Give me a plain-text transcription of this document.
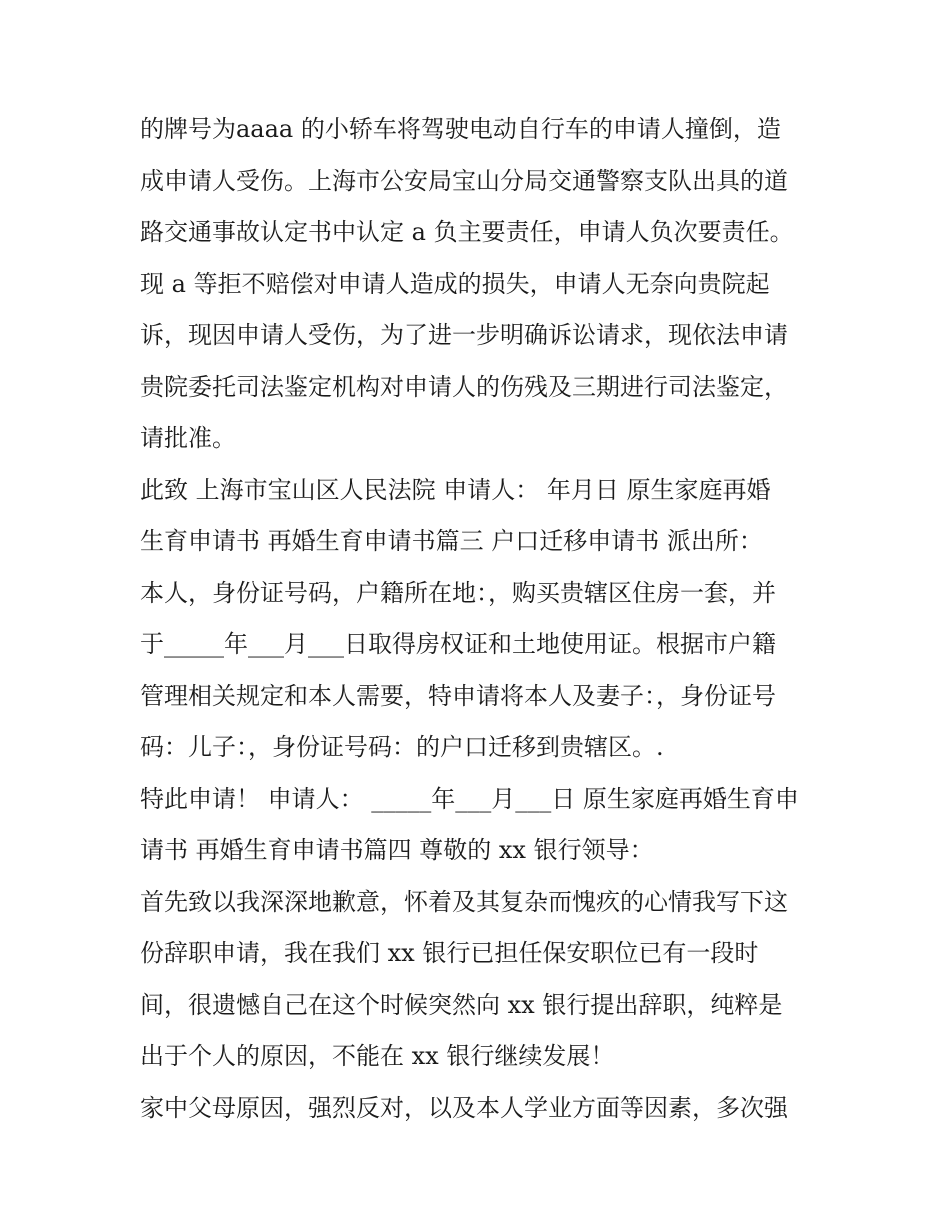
的牌号为aaaa 的小轿车将驾驶电动自行车的申请人撞倒，造
成申请人受伤。上海市公安局宝山分局交通警察支队出具的道
路交通事故认定书中认定 a 负主要责任，申请人负次要责任。
现 a 等拒不赔偿对申请人造成的损失，申请人无奈向贵院起
诉，现因申请人受伤，为了进一步明确诉讼请求，现依法申请
贵院委托司法鉴定机构对申请人的伤残及三期进行司法鉴定，
请批准。
此致 上海市宝山区人民法院 申请人： 年月日 原生家庭再婚
生育申请书 再婚生育申请书篇三 户口迁移申请书 派出所：
本人，身份证号码，户籍所在地：，购买贵辖区住房一套，并
于_____年___月___日取得房权证和土地使用证。根据市户籍
管理相关规定和本人需要，特申请将本人及妻子：，身份证号
码：儿子：，身份证号码：的户口迁移到贵辖区。.
特此申请！ 申请人： _____年___月___日 原生家庭再婚生育申
请书 再婚生育申请书篇四 尊敬的 xx 银行领导：
首先致以我深深地歉意，怀着及其复杂而愧疚的心情我写下这
份辞职申请，我在我们 xx 银行已担任保安职位已有一段时
间，很遗憾自己在这个时候突然向 xx 银行提出辞职，纯粹是
出于个人的原因，不能在 xx 银行继续发展！
家中父母原因，强烈反对，以及本人学业方面等因素，多次强
